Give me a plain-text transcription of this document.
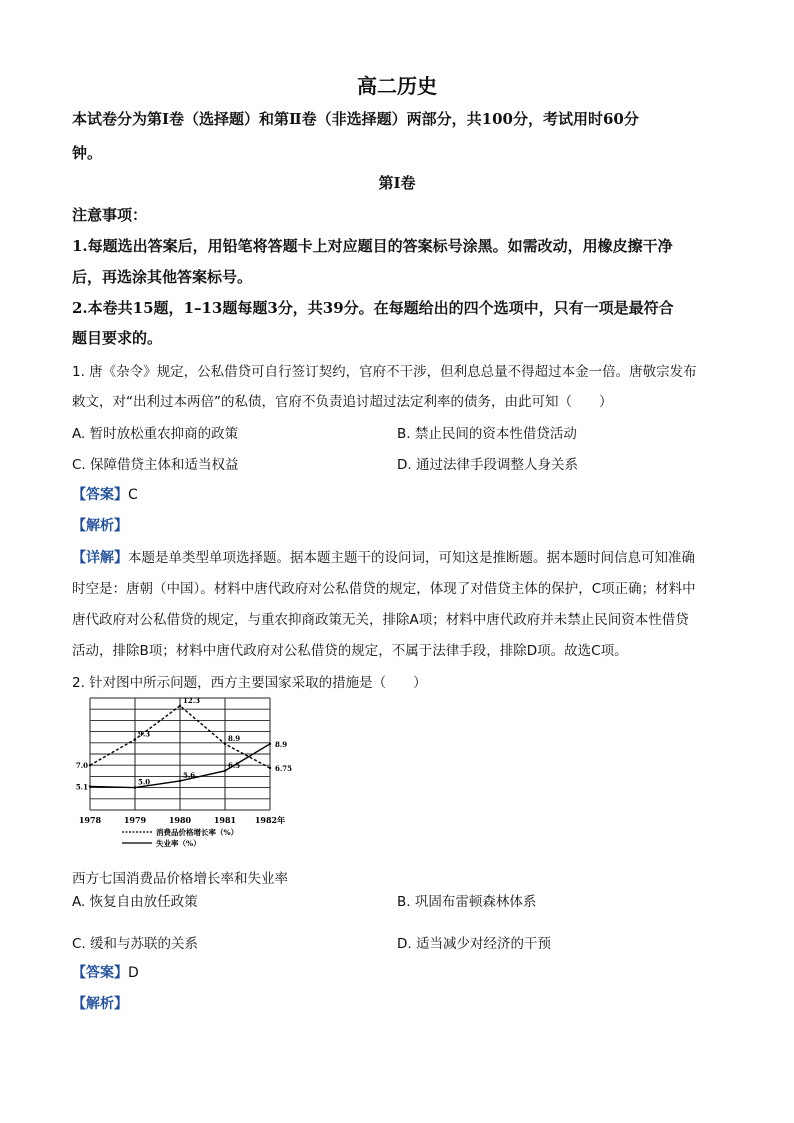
高二历史
本试卷分为第Ⅰ卷（选择题）和第Ⅱ卷（非选择题）两部分，共100分，考试用时60分
钟。
第Ⅰ卷
注意事项：
1.每题选出答案后，用铅笔将答题卡上对应题目的答案标号涂黑。如需改动，用橡皮擦干净
后，再选涂其他答案标号。
2.本卷共15题，1–13题每题3分，共39分。在每题给出的四个选项中，只有一项是最符合
题目要求的。
1. 唐《杂令》规定，公私借贷可自行签订契约，官府不干涉，但利息总量不得超过本金一倍。唐敬宗发布
敕文，对“出利过本两倍”的私债，官府不负责追讨超过法定利率的债务，由此可知（　　）
A. 暂时放松重农抑商的政策	B. 禁止民间的资本性借贷活动
C. 保障借贷主体和适当权益	D. 通过法律手段调整人身关系
【答案】C
【解析】
【详解】本题是单类型单项选择题。据本题主题干的设问词，可知这是推断题。据本题时间信息可知准确
时空是：唐朝（中国）。材料中唐代政府对公私借贷的规定，体现了对借贷主体的保护，C项正确；材料中
唐代政府对公私借贷的规定，与重农抑商政策无关，排除A项；材料中唐代政府并未禁止民间资本性借贷
活动，排除B项；材料中唐代政府对公私借贷的规定，不属于法律手段，排除D项。故选C项。
2. 针对图中所示问题，西方主要国家采取的措施是（　　）
7.0
9.3
12.3
8.9
6.75
5.1
5.0
5.6
6.5
8.9
1978	1979	1980	1981 1982年
消费品价格增长率（%）
失业率（%）
西方七国消费品价格增长率和失业率
A. 恢复自由放任政策	B. 巩固布雷顿森林体系
C. 缓和与苏联的关系	D. 适当减少对经济的干预
【答案】D
【解析】
